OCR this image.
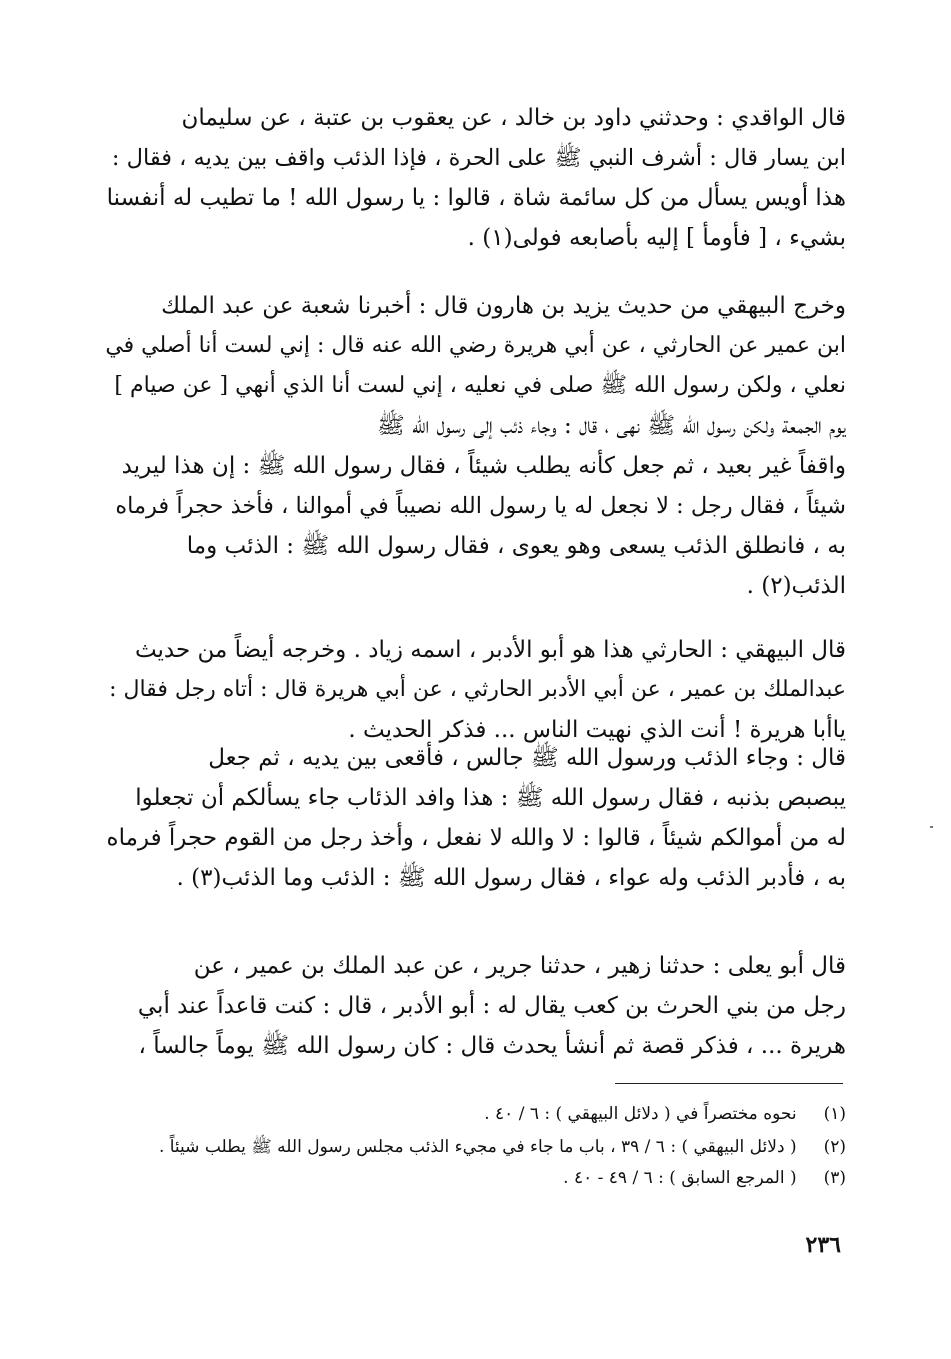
قال الواقدي : وحدثني داود بن خالد ، عن يعقوب بن عتبة ، عن سليمان
ابن يسار قال : أشرف النبي ﷺ على الحرة ، فإذا الذئب واقف بين يديه ، فقال :
هذا أويس يسأل من كل سائمة شاة ، قالوا : يا رسول الله ! ما تطيب له أنفسنا
بشيء ، [ فأومأ ] إليه بأصابعه فولى(١) .
وخرج البيهقي من حديث يزيد بن هارون قال : أخبرنا شعبة عن عبد الملك
ابن عمير عن الحارثي ، عن أبي هريرة رضي الله عنه قال : إني لست أنا أصلي في
نعلي ، ولكن رسول الله ﷺ صلى في نعليه ، إني لست أنا الذي أنهي [ عن صيام ]
يوم الجمعة ولكن رسول الله ﷺ نهى ، قال : وجاء ذئب إلى رسول الله ﷺ
واقفاً غير بعيد ، ثم جعل كأنه يطلب شيئاً ، فقال رسول الله ﷺ : إن هذا ليريد
شيئاً ، فقال رجل : لا نجعل له يا رسول الله نصيباً في أموالنا ، فأخذ حجراً فرماه
به ، فانطلق الذئب يسعى وهو يعوى ، فقال رسول الله ﷺ : الذئب وما
الذئب(٢) .
قال البيهقي : الحارثي هذا هو أبو الأدبر ، اسمه زياد . وخرجه أيضاً من حديث
عبدالملك بن عمير ، عن أبي الأدبر الحارثي ، عن أبي هريرة قال : أتاه رجل فقال :
ياأبا هريرة ! أنت الذي نهيت الناس ... فذكر الحديث .
قال : وجاء الذئب ورسول الله ﷺ جالس ، فأقعى بين يديه ، ثم جعل
يبصبص بذنبه ، فقال رسول الله ﷺ : هذا وافد الذئاب جاء يسألكم أن تجعلوا
له من أموالكم شيئاً ، قالوا : لا والله لا نفعل ، وأخذ رجل من القوم حجراً فرماه
به ، فأدبر الذئب وله عواء ، فقال رسول الله ﷺ : الذئب وما الذئب(٣) .
قال أبو يعلى : حدثنا زهير ، حدثنا جرير ، عن عبد الملك بن عمير ، عن
رجل من بني الحرث بن كعب يقال له : أبو الأدبر ، قال : كنت قاعداً عند أبي
هريرة ... ، فذكر قصة ثم أنشأ يحدث قال : كان رسول الله ﷺ يوماً جالساً ،
(١) نحوه مختصراً في ( دلائل البيهقي ) : ٦ / ٤٠ .
(٢) ( دلائل البيهقي ) : ٦ / ٣٩ ، باب ما جاء في مجيء الذئب مجلس رسول الله ﷺ يطلب شيئاً .
(٣) ( المرجع السابق ) : ٦ / ٤٩ - ٤٠ .
٢٣٦
